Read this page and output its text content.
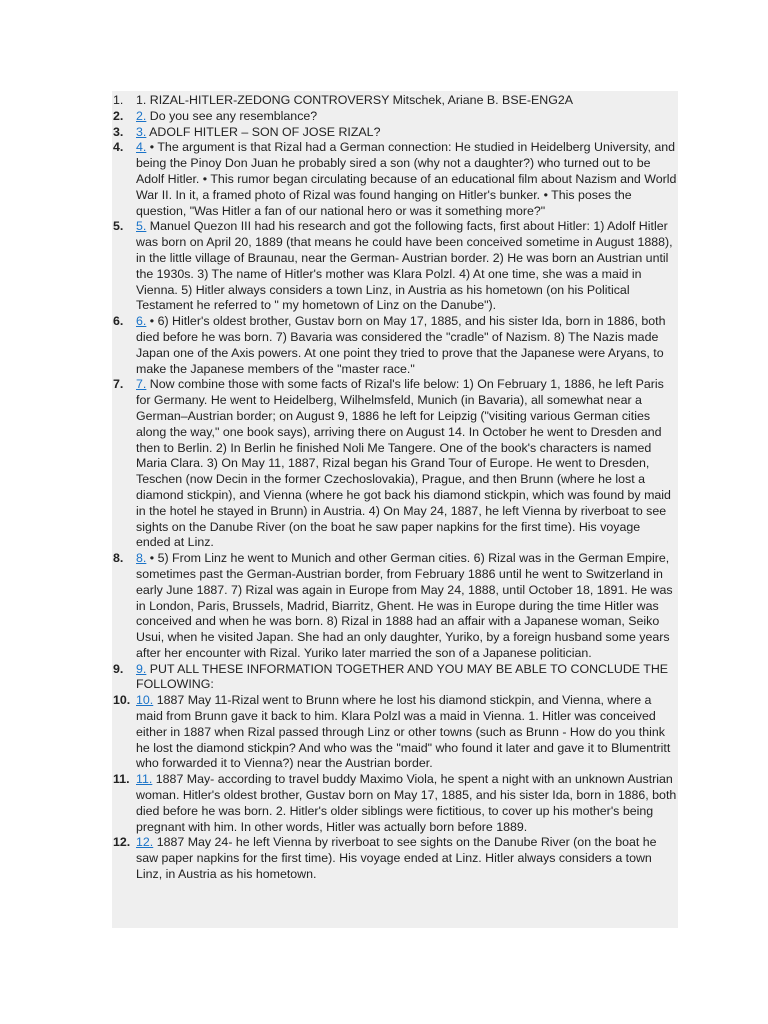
1.	1. RIZAL-HITLER-ZEDONG CONTROVERSY Mitschek, Ariane B. BSE-ENG2A
2.	2. Do you see any resemblance?
3.	3. ADOLF HITLER – SON OF JOSE RIZAL?
4.	4. • The argument is that Rizal had a German connection: He studied in Heidelberg University, and being the Pinoy Don Juan he probably sired a son (why not a daughter?) who turned out to be Adolf Hitler. • This rumor began circulating because of an educational film about Nazism and World War II. In it, a framed photo of Rizal was found hanging on Hitler's bunker. • This poses the question, "Was Hitler a fan of our national hero or was it something more?"
5.	5. Manuel Quezon III had his research and got the following facts, first about Hitler: 1) Adolf Hitler was born on April 20, 1889 (that means he could have been conceived sometime in August 1888), in the little village of Braunau, near the German- Austrian border. 2) He was born an Austrian until the 1930s. 3) The name of Hitler's mother was Klara Polzl. 4) At one time, she was a maid in Vienna. 5) Hitler always considers a town Linz, in Austria as his hometown (on his Political Testament he referred to " my hometown of Linz on the Danube").
6.	6. • 6) Hitler's oldest brother, Gustav born on May 17, 1885, and his sister Ida, born in 1886, both died before he was born. 7) Bavaria was considered the "cradle" of Nazism. 8) The Nazis made Japan one of the Axis powers. At one point they tried to prove that the Japanese were Aryans, to make the Japanese members of the "master race."
7.	7. Now combine those with some facts of Rizal's life below: 1) On February 1, 1886, he left Paris for Germany. He went to Heidelberg, Wilhelmsfeld, Munich (in Bavaria), all somewhat near a German–Austrian border; on August 9, 1886 he left for Leipzig ("visiting various German cities along the way," one book says), arriving there on August 14. In October he went to Dresden and then to Berlin. 2) In Berlin he finished Noli Me Tangere. One of the book's characters is named Maria Clara. 3) On May 11, 1887, Rizal began his Grand Tour of Europe. He went to Dresden, Teschen (now Decin in the former Czechoslovakia), Prague, and then Brunn (where he lost a diamond stickpin), and Vienna (where he got back his diamond stickpin, which was found by maid in the hotel he stayed in Brunn) in Austria. 4) On May 24, 1887, he left Vienna by riverboat to see sights on the Danube River (on the boat he saw paper napkins for the first time). His voyage ended at Linz.
8.	8. • 5) From Linz he went to Munich and other German cities. 6) Rizal was in the German Empire, sometimes past the German-Austrian border, from February 1886 until he went to Switzerland in early June 1887. 7) Rizal was again in Europe from May 24, 1888, until October 18, 1891. He was in London, Paris, Brussels, Madrid, Biarritz, Ghent. He was in Europe during the time Hitler was conceived and when he was born. 8) Rizal in 1888 had an affair with a Japanese woman, Seiko Usui, when he visited Japan. She had an only daughter, Yuriko, by a foreign husband some years after her encounter with Rizal. Yuriko later married the son of a Japanese politician.
9.	9. PUT ALL THESE INFORMATION TOGETHER AND YOU MAY BE ABLE TO CONCLUDE THE FOLLOWING:
10. 10. 1887 May 11-Rizal went to Brunn where he lost his diamond stickpin, and Vienna, where a maid from Brunn gave it back to him. Klara Polzl was a maid in Vienna. 1. Hitler was conceived either in 1887 when Rizal passed through Linz or other towns (such as Brunn - How do you think he lost the diamond stickpin? And who was the "maid" who found it later and gave it to Blumentritt who forwarded it to Vienna?) near the Austrian border.
11. 11. 1887 May- according to travel buddy Maximo Viola, he spent a night with an unknown Austrian woman. Hitler's oldest brother, Gustav born on May 17, 1885, and his sister Ida, born in 1886, both died before he was born. 2. Hitler's older siblings were fictitious, to cover up his mother's being pregnant with him. In other words, Hitler was actually born before 1889.
12. 12. 1887 May 24- he left Vienna by riverboat to see sights on the Danube River (on the boat he saw paper napkins for the first time). His voyage ended at Linz. Hitler always considers a town Linz, in Austria as his hometown.
